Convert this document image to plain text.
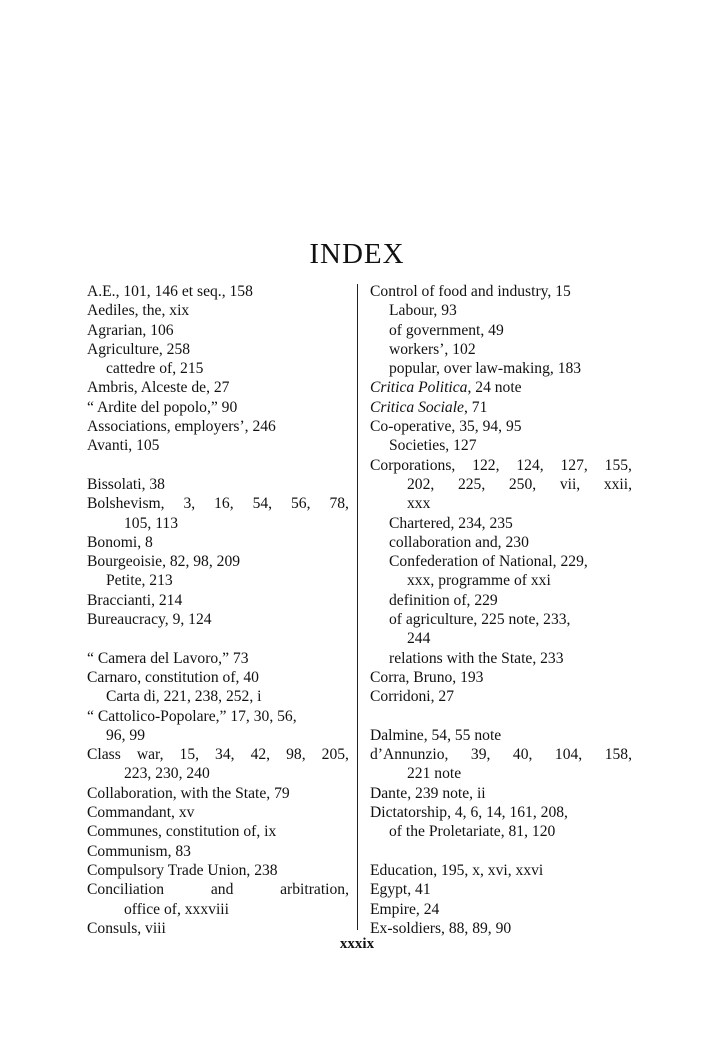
INDEX
A.E., 101, 146 et seq., 158
Aediles, the, xix
Agrarian, 106
Agriculture, 258
cattedre of, 215
Ambris, Alceste de, 27
“ Ardite del popolo,” 90
Associations, employers’, 246
Avanti, 105
Bissolati, 38
Bolshevism, 3, 16, 54, 56, 78,
105, 113
Bonomi, 8
Bourgeoisie, 82, 98, 209
Petite, 213
Braccianti, 214
Bureaucracy, 9, 124
“ Camera del Lavoro,” 73
Carnaro, constitution of, 40
Carta di, 221, 238, 252, i
“ Cattolico-Popolare,” 17, 30, 56,
96, 99
Class war, 15, 34, 42, 98, 205,
223, 230, 240
Collaboration, with the State, 79
Commandant, xv
Communes, constitution of, ix
Communism, 83
Compulsory Trade Union, 238
Conciliation	and	arbitration,
office of, xxxviii
Consuls, viii
Control of food and industry, 15
Labour, 93
of government, 49
workers’, 102
popular, over law-making, 183
Critica Politica, 24 note
Critica Sociale, 71
Co-operative, 35, 94, 95
Societies, 127
Corporations, 122, 124, 127, 155,
202, 225, 250, vii, xxii,
xxx
Chartered, 234, 235
collaboration and, 230
Confederation of National, 229,
xxx, programme of xxi
definition of, 229
of agriculture, 225 note, 233,
244
relations with the State, 233
Corra, Bruno, 193
Corridoni, 27
Dalmine, 54, 55 note
d’Annunzio, 39, 40, 104, 158,
221 note
Dante, 239 note, ii
Dictatorship, 4, 6, 14, 161, 208,
of the Proletariate, 81, 120
Education, 195, x, xvi, xxvi
Egypt, 41
Empire, 24
Ex-soldiers, 88, 89, 90
xxxix
